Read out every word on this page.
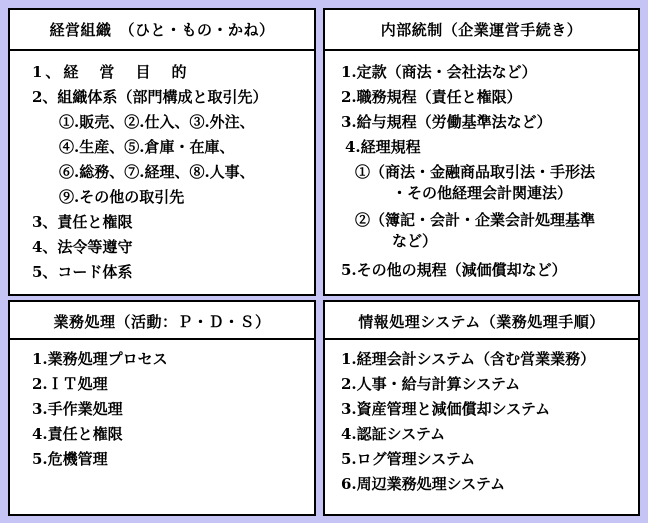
経営組織　（ひと・もの・かね）
1、経　営　目　的
2、組織体系（部門構成と取引先）
①.販売、②.仕入、③.外注、
④.生産、⑤.倉庫・在庫、
⑥.総務、⑦.経理、⑧.人事、
⑨.その他の取引先
3、責任と権限
4、法令等遵守
5、コード体系
内部統制（企業運営手続き）
1.定款（商法・会社法など）
2.職務規程（責任と権限）
3.給与規程（労働基準法など）
4.経理規程
①（商法・金融商品取引法・手形法
・その他経理会計関連法）
②（簿記・会計・企業会計処理基準
など）
5.その他の規程（減価償却など）
業務処理（活動：Ｐ・Ｄ・Ｓ）
1.業務処理プロセス
2.ＩＴ処理
3.手作業処理
4.責任と権限
5.危機管理
情報処理システム（業務処理手順）
1.経理会計システム（含む営業業務）
2.人事・給与計算システム
3.資産管理と減価償却システム
4.認証システム
5.ログ管理システム
6.周辺業務処理システム
